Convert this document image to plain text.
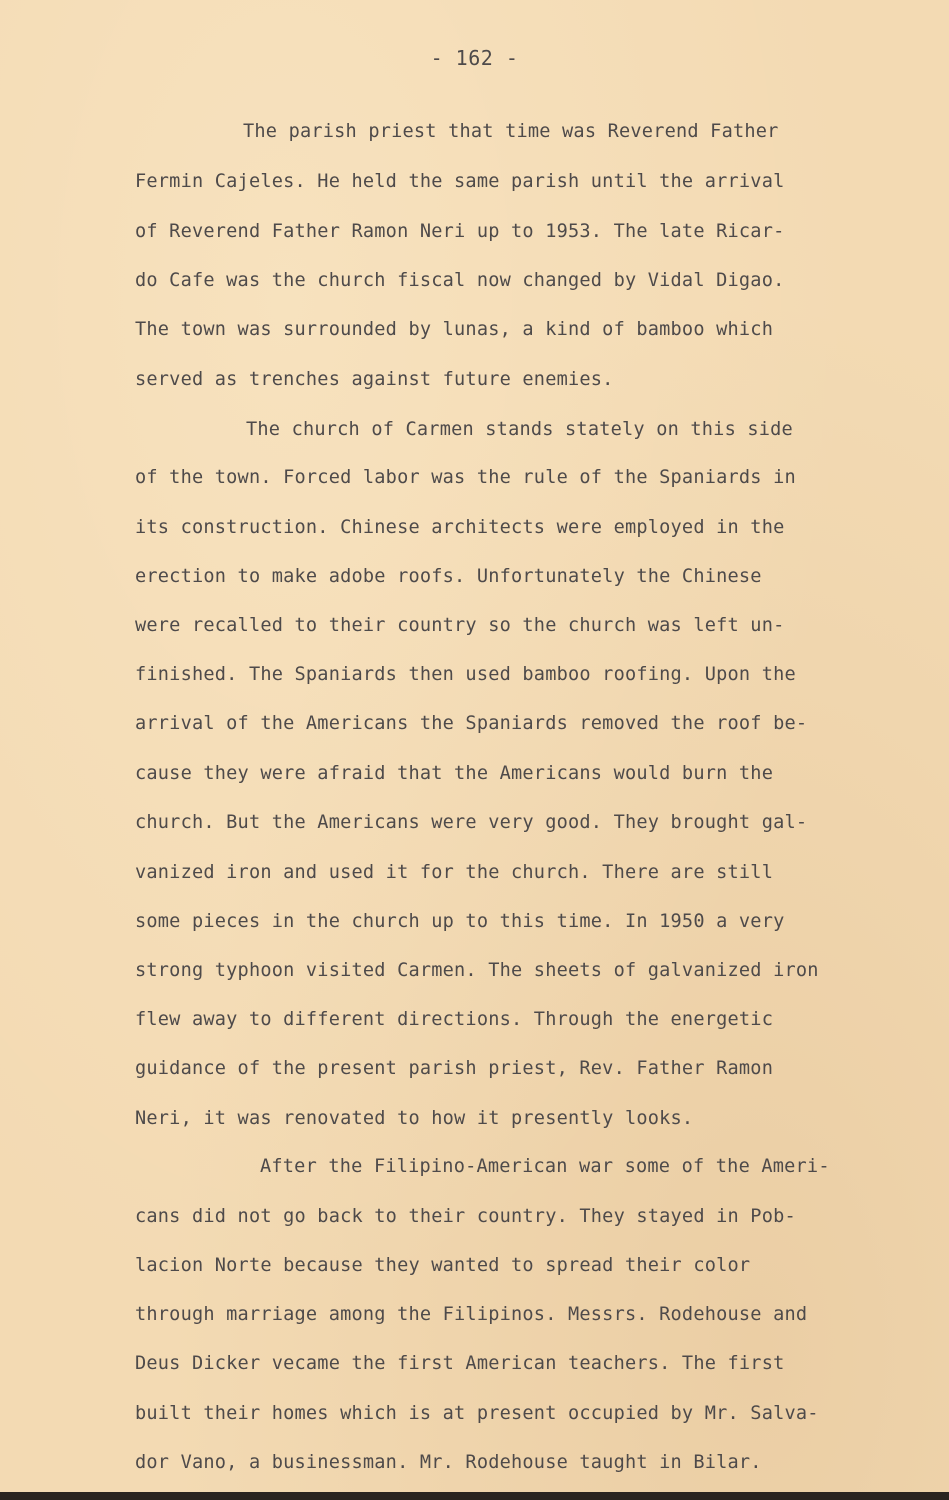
- 162 -
The parish priest that time was Reverend Father
Fermin Cajeles. He held the same parish until the arrival
of Reverend Father Ramon Neri up to 1953. The late Ricar-
do Cafe was the church fiscal now changed by Vidal Digao.
The town was surrounded by lunas, a kind of bamboo which
served as trenches against future enemies.
The church of Carmen stands stately on this side
of the town. Forced labor was the rule of the Spaniards in
its construction. Chinese architects were employed in the
erection to make adobe roofs. Unfortunately the Chinese
were recalled to their country so the church was left un-
finished. The Spaniards then used bamboo roofing. Upon the
arrival of the Americans the Spaniards removed the roof be-
cause they were afraid that the Americans would burn the
church. But the Americans were very good. They brought gal-
vanized iron and used it for the church. There are still
some pieces in the church up to this time. In 1950 a very
strong typhoon visited Carmen. The sheets of galvanized iron
flew away to different directions. Through the energetic
guidance of the present parish priest, Rev. Father Ramon
Neri, it was renovated to how it presently looks.
After the Filipino-American war some of the Ameri-
cans did not go back to their country. They stayed in Pob-
lacion Norte because they wanted to spread their color
through marriage among the Filipinos. Messrs. Rodehouse and
Deus Dicker vecame the first American teachers. The first
built their homes which is at present occupied by Mr. Salva-
dor Vano, a businessman. Mr. Rodehouse taught in Bilar.
